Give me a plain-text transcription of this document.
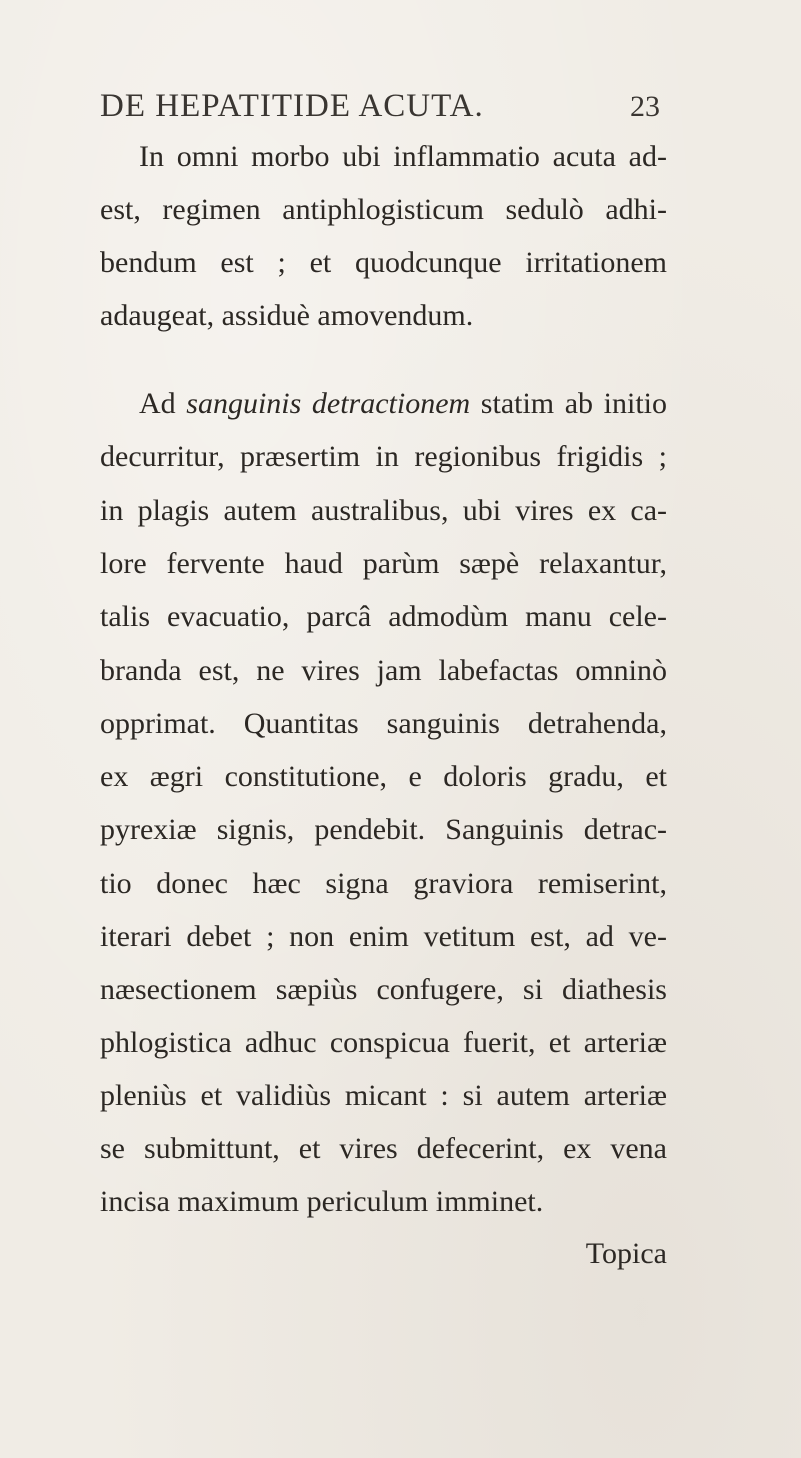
DE HEPATITIDE ACUTA.	23
In omni morbo ubi inflammatio acuta ad-
est, regimen antiphlogisticum sedulò adhi-
bendum est ; et quodcunque irritationem
adaugeat, assiduè amovendum.
Ad sanguinis detractionem statim ab initio
decurritur, præsertim in regionibus frigidis ;
in plagis autem australibus, ubi vires ex ca-
lore fervente haud parùm sæpè relaxantur,
talis evacuatio, parcâ admodùm manu cele-
branda est, ne vires jam labefactas omninò
opprimat. Quantitas sanguinis detrahenda,
ex ægri constitutione, e doloris gradu, et
pyrexiæ signis, pendebit. Sanguinis detrac-
tio donec hæc signa graviora remiserint,
iterari debet ; non enim vetitum est, ad ve-
næsectionem sæpiùs confugere, si diathesis
phlogistica adhuc conspicua fuerit, et arteriæ
pleniùs et validiùs micant : si autem arteriæ
se submittunt, et vires defecerint, ex vena
incisa maximum periculum imminet.
Topica
